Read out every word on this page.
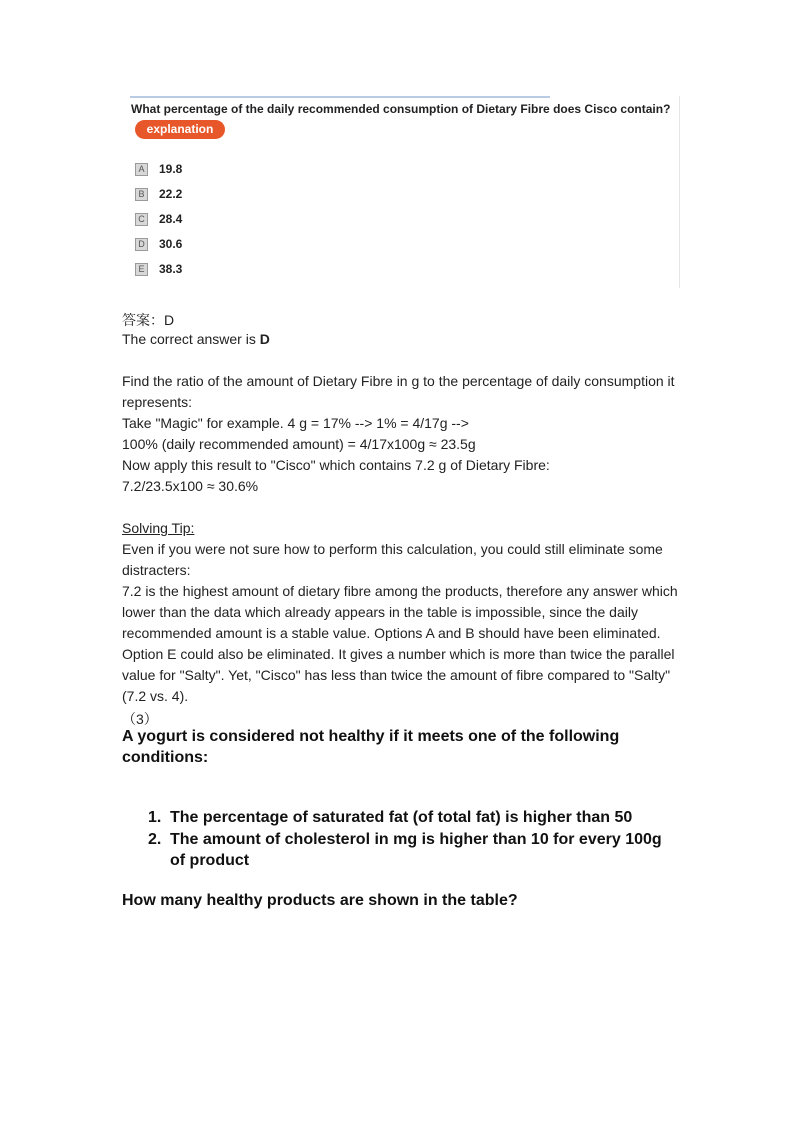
What percentage of the daily recommended consumption of Dietary Fibre does Cisco contain?
explanation
A 19.8
B 22.2
C 28.4
D 30.6
E 38.3
答案：D
The correct answer is D
Find the ratio of the amount of Dietary Fibre in g to the percentage of daily consumption it
represents:
Take "Magic" for example. 4 g = 17% --> 1% = 4/17g -->
100% (daily recommended amount) = 4/17x100g ≈ 23.5g
Now apply this result to "Cisco" which contains 7.2 g of Dietary Fibre:
7.2/23.5x100 ≈ 30.6%
Solving Tip:
Even if you were not sure how to perform this calculation, you could still eliminate some
distracters:
7.2 is the highest amount of dietary fibre among the products, therefore any answer which
lower than the data which already appears in the table is impossible, since the daily
recommended amount is a stable value. Options A and B should have been eliminated.
Option E could also be eliminated. It gives a number which is more than twice the parallel
value for "Salty". Yet, "Cisco" has less than twice the amount of fibre compared to "Salty"
(7.2 vs. 4).
（3）
A yogurt is considered not healthy if it meets one of the following
conditions:
1. The percentage of saturated fat (of total fat) is higher than 50
2. The amount of cholesterol in mg is higher than 10 for every 100g
of product
How many healthy products are shown in the table?
